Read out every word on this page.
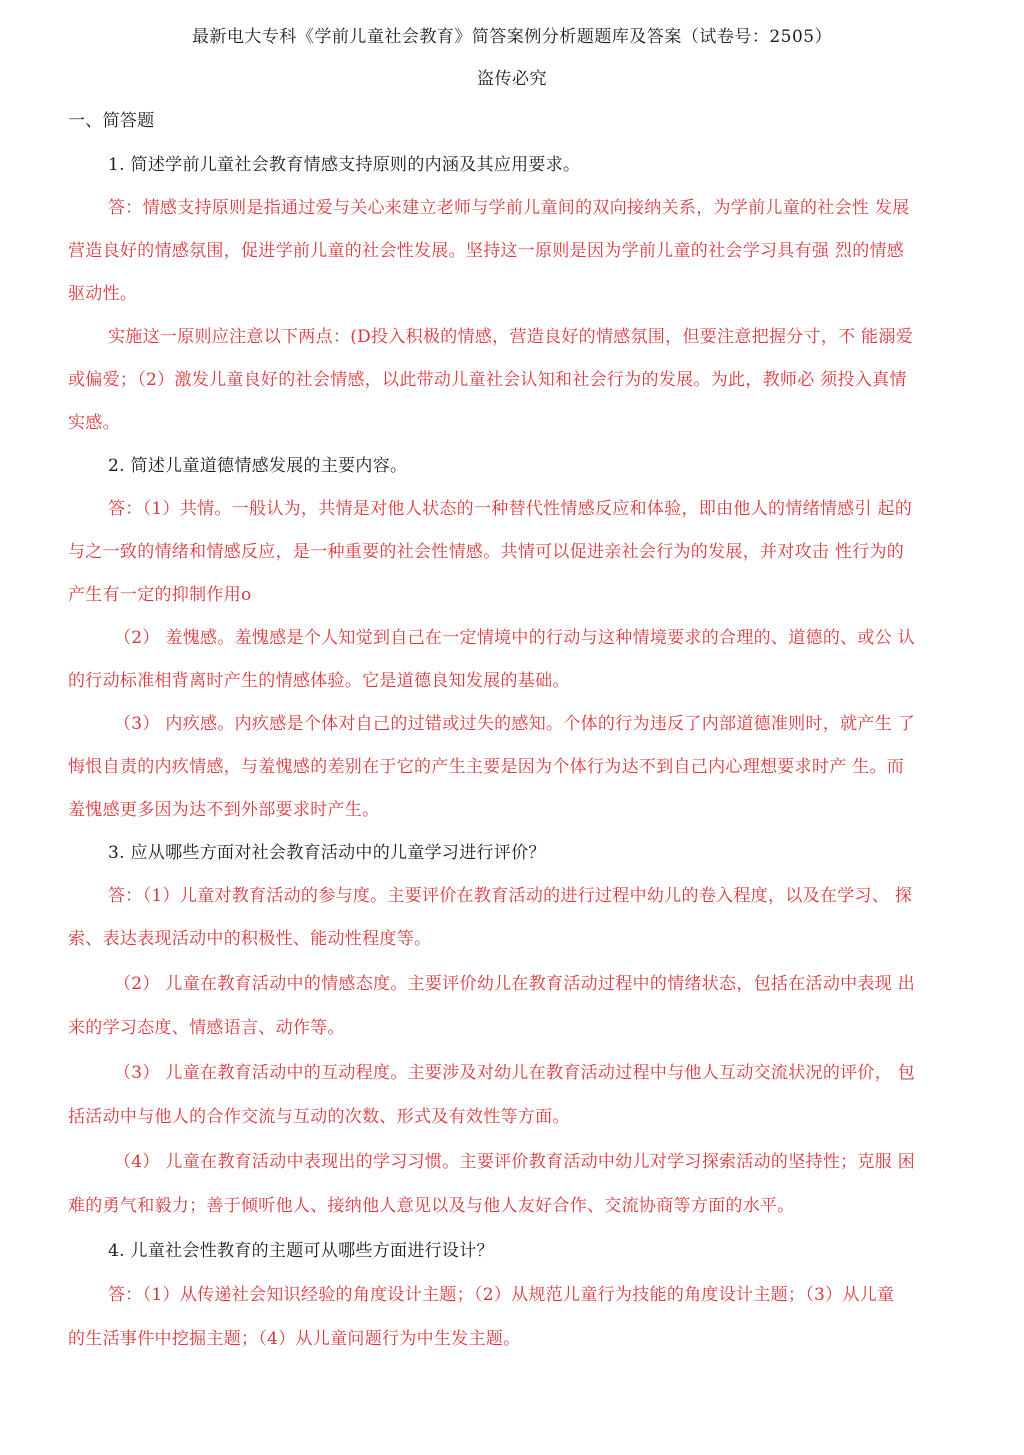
最新电大专科《学前儿童社会教育》简答案例分析题题库及答案（试卷号：2505）
盗传必究
一、简答题
1. 简述学前儿童社会教育情感支持原则的内涵及其应用要求。
答：情感支持原则是指通过爱与关心来建立老师与学前儿童间的双向接纳关系，为学前儿童的社会性 发展
营造良好的情感氛围，促进学前儿童的社会性发展。坚持这一原则是因为学前儿童的社会学习具有强 烈的情感
驱动性。
实施这一原则应注意以下两点：(D投入积极的情感，营造良好的情感氛围，但要注意把握分寸，不 能溺爱
或偏爱；（2）激发儿童良好的社会情感，以此带动儿童社会认知和社会行为的发展。为此，教师必 须投入真情
实感。
2. 简述儿童道德情感发展的主要内容。
答：（1）共情。一般认为，共情是对他人状态的一种替代性情感反应和体验，即由他人的情绪情感引 起的
与之一致的情绪和情感反应，是一种重要的社会性情感。共情可以促进亲社会行为的发展，并对攻击 性行为的
产生有一定的抑制作用o
（2） 羞愧感。羞愧感是个人知觉到自己在一定情境中的行动与这种情境要求的合理的、道德的、或公 认
的行动标准相背离时产生的情感体验。它是道德良知发展的基础。
（3） 内疚感。内疚感是个体对自己的过错或过失的感知。个体的行为违反了内部道德准则时，就产生 了
悔恨自责的内疚情感，与羞愧感的差别在于它的产生主要是因为个体行为达不到自己内心理想要求时产 生。而
羞愧感更多因为达不到外部要求时产生。
3. 应从哪些方面对社会教育活动中的儿童学习进行评价？
答：（1）儿童对教育活动的参与度。主要评价在教育活动的进行过程中幼儿的卷入程度，以及在学习、 探
索、表达表现活动中的积极性、能动性程度等。
（2） 儿童在教育活动中的情感态度。主要评价幼儿在教育活动过程中的情绪状态，包括在活动中表现 出
来的学习态度、情感语言、动作等。
（3） 儿童在教育活动中的互动程度。主要涉及对幼儿在教育活动过程中与他人互动交流状况的评价， 包
括活动中与他人的合作交流与互动的次数、形式及有效性等方面。
（4） 儿童在教育活动中表现出的学习习惯。主要评价教育活动中幼儿对学习探索活动的坚持性；克服 困
难的勇气和毅力；善于倾听他人、接纳他人意见以及与他人友好合作、交流协商等方面的水平。
4. 儿童社会性教育的主题可从哪些方面进行设计？
答：（1）从传递社会知识经验的角度设计主题；（2）从规范儿童行为技能的角度设计主题；（3）从儿童
的生活事件中挖掘主题；（4）从儿童问题行为中生发主题。
